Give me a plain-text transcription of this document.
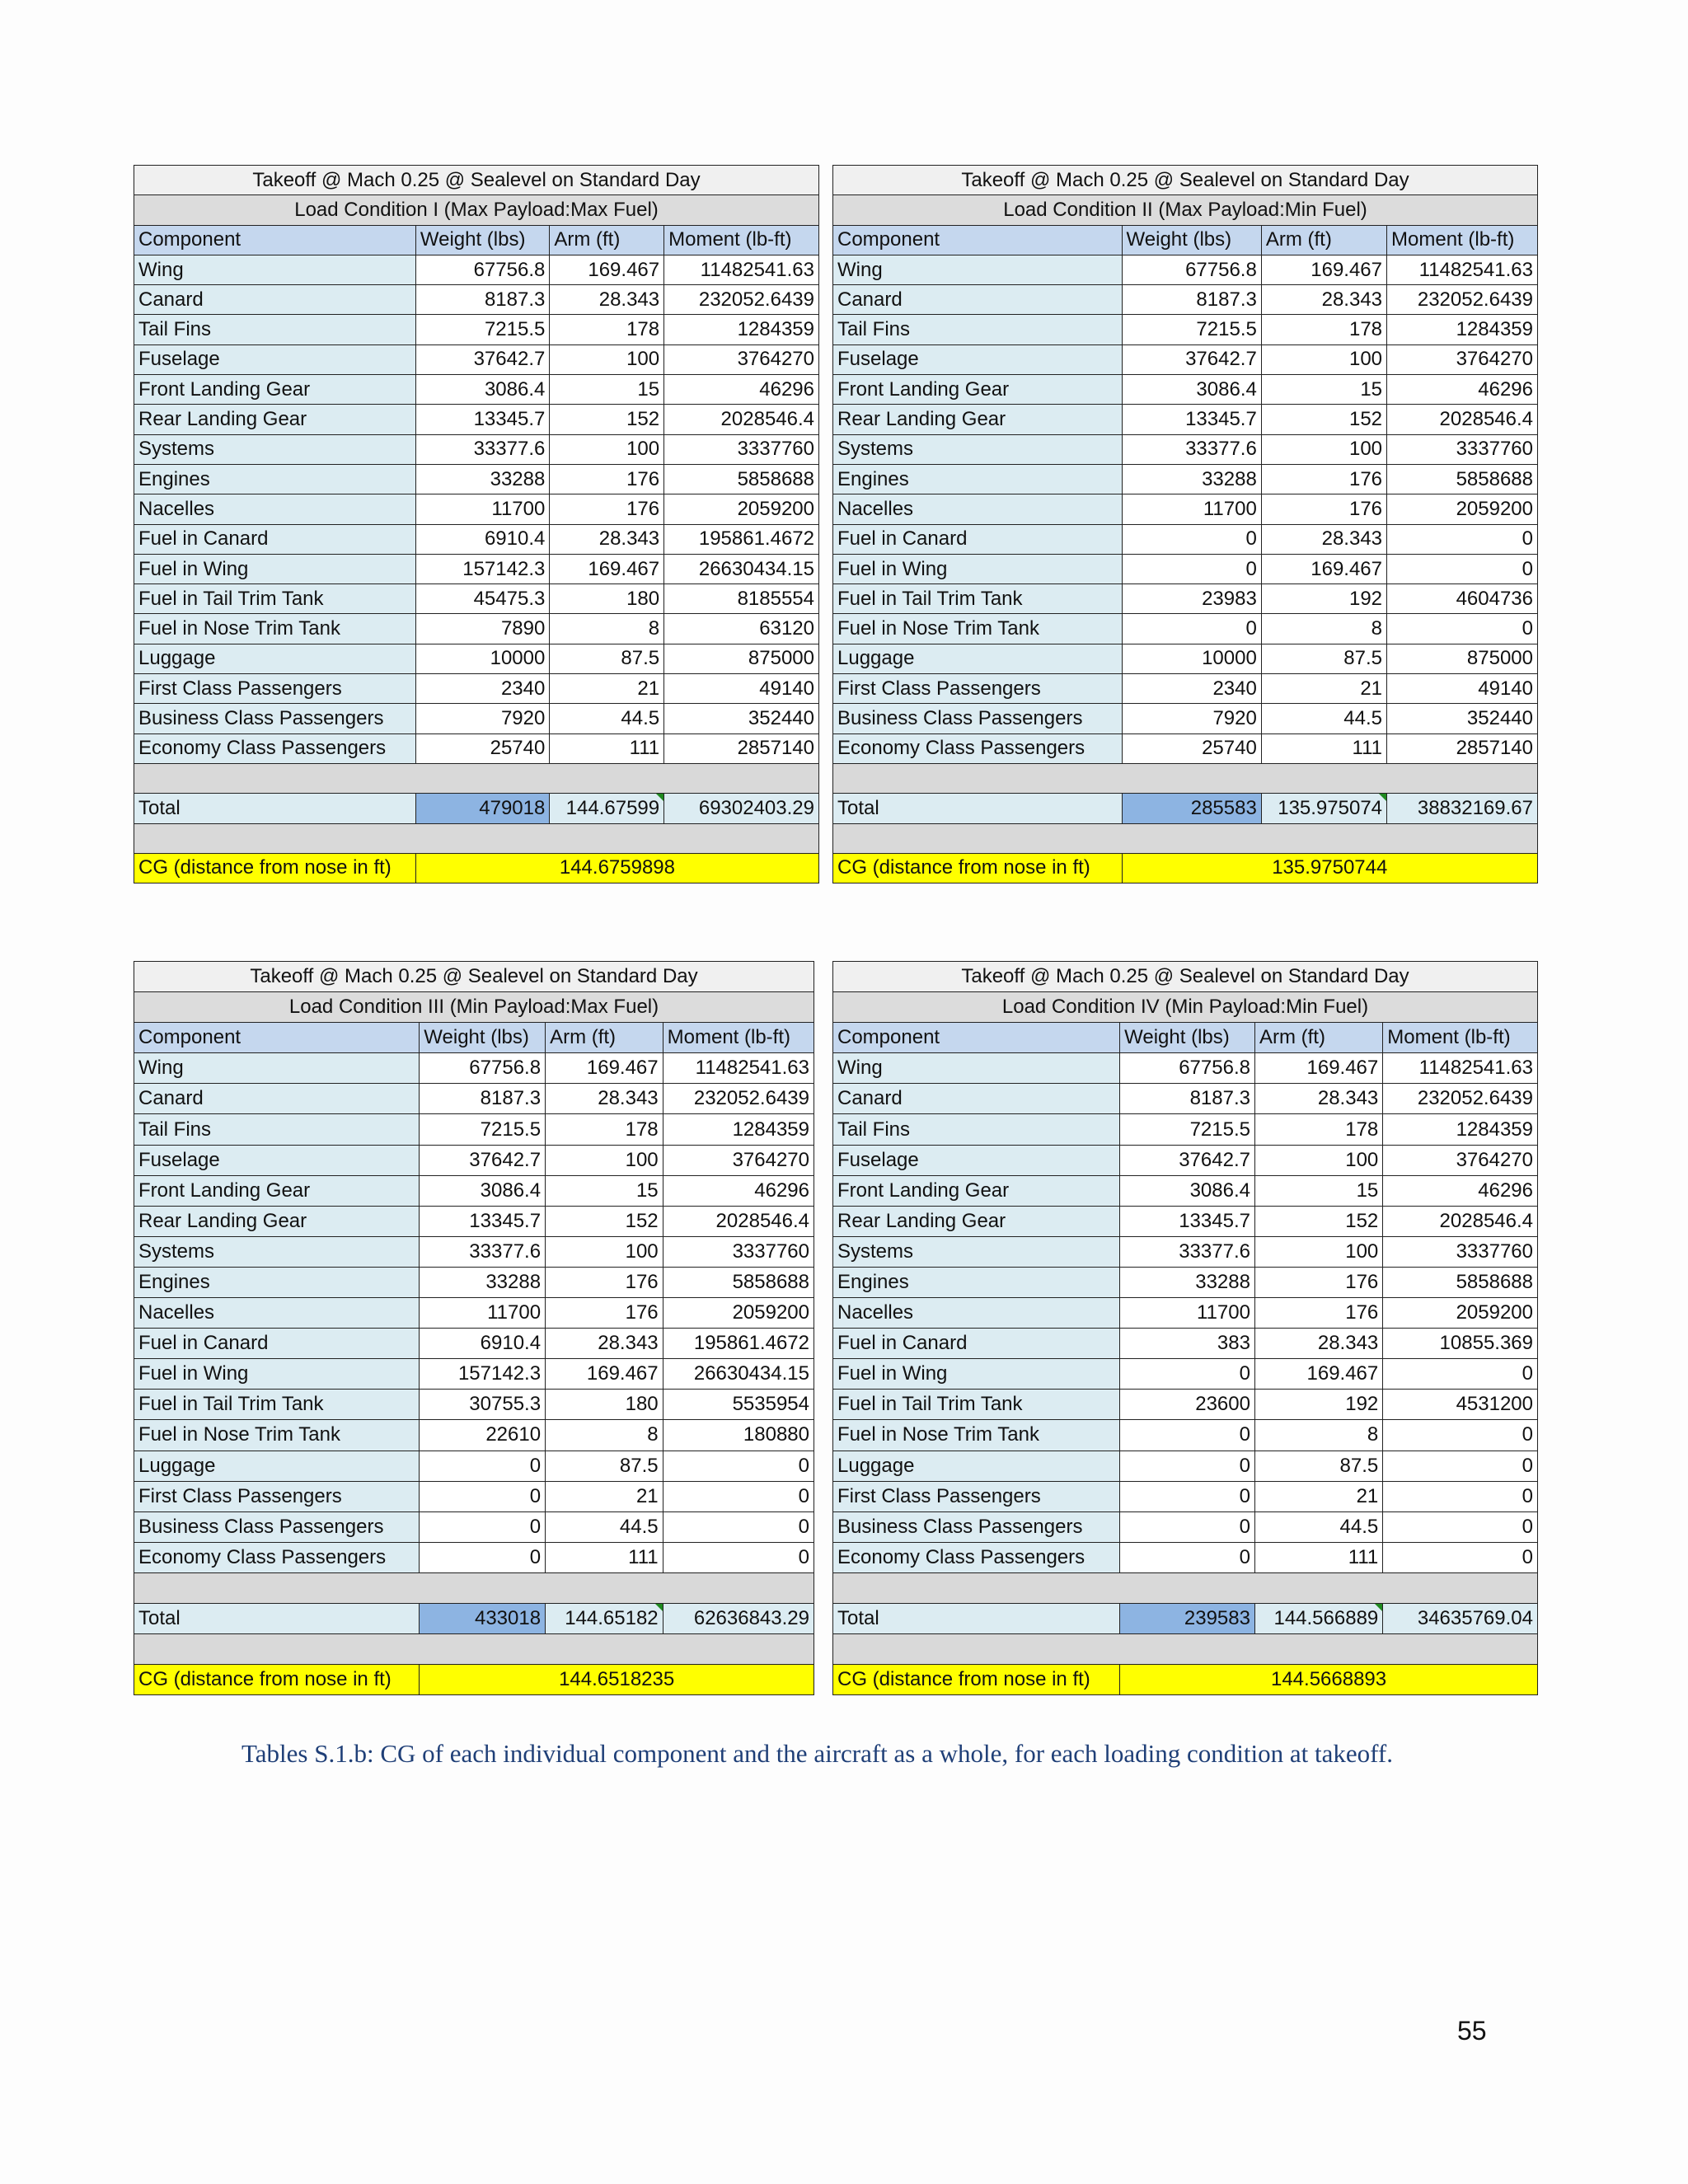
Takeoff @ Mach 0.25 @ Sealevel on Standard Day			
Load Condition I (Max Payload:Max Fuel)			
Component	Weight (lbs)	Arm (ft)	Moment (lb-ft)
Wing	67756.8	169.467	11482541.63
Canard	8187.3	28.343	232052.6439
Tail Fins	7215.5	178	1284359
Fuselage	37642.7	100	3764270
Front Landing Gear	3086.4	15	46296
Rear Landing Gear	13345.7	152	2028546.4
Systems	33377.6	100	3337760
Engines	33288	176	5858688
Nacelles	11700	176	2059200
Fuel in Canard	6910.4	28.343	195861.4672
Fuel in Wing	157142.3	169.467	26630434.15
Fuel in Tail Trim Tank	45475.3	180	8185554
Fuel in Nose Trim Tank	7890	8	63120
Luggage	10000	87.5	875000
First Class Passengers	2340	21	49140
Business Class Passengers	7920	44.5	352440
Economy Class Passengers	25740	111	2857140

Total	479018	144.67599	69302403.29

CG (distance from nose in ft)	144.6759898		
Takeoff @ Mach 0.25 @ Sealevel on Standard Day			
Load Condition II (Max Payload:Min Fuel)			
Component	Weight (lbs)	Arm (ft)	Moment (lb-ft)
Wing	67756.8	169.467	11482541.63
Canard	8187.3	28.343	232052.6439
Tail Fins	7215.5	178	1284359
Fuselage	37642.7	100	3764270
Front Landing Gear	3086.4	15	46296
Rear Landing Gear	13345.7	152	2028546.4
Systems	33377.6	100	3337760
Engines	33288	176	5858688
Nacelles	11700	176	2059200
Fuel in Canard	0	28.343	0
Fuel in Wing	0	169.467	0
Fuel in Tail Trim Tank	23983	192	4604736
Fuel in Nose Trim Tank	0	8	0
Luggage	10000	87.5	875000
First Class Passengers	2340	21	49140
Business Class Passengers	7920	44.5	352440
Economy Class Passengers	25740	111	2857140

Total	285583	135.975074	38832169.67

CG (distance from nose in ft)	135.9750744		
Takeoff @ Mach 0.25 @ Sealevel on Standard Day			
Load Condition III (Min Payload:Max Fuel)			
Component	Weight (lbs)	Arm (ft)	Moment (lb-ft)
Wing	67756.8	169.467	11482541.63
Canard	8187.3	28.343	232052.6439
Tail Fins	7215.5	178	1284359
Fuselage	37642.7	100	3764270
Front Landing Gear	3086.4	15	46296
Rear Landing Gear	13345.7	152	2028546.4
Systems	33377.6	100	3337760
Engines	33288	176	5858688
Nacelles	11700	176	2059200
Fuel in Canard	6910.4	28.343	195861.4672
Fuel in Wing	157142.3	169.467	26630434.15
Fuel in Tail Trim Tank	30755.3	180	5535954
Fuel in Nose Trim Tank	22610	8	180880
Luggage	0	87.5	0
First Class Passengers	0	21	0
Business Class Passengers	0	44.5	0
Economy Class Passengers	0	111	0

Total	433018	144.65182	62636843.29

CG (distance from nose in ft)	144.6518235		
Takeoff @ Mach 0.25 @ Sealevel on Standard Day			
Load Condition IV (Min Payload:Min Fuel)			
Component	Weight (lbs)	Arm (ft)	Moment (lb-ft)
Wing	67756.8	169.467	11482541.63
Canard	8187.3	28.343	232052.6439
Tail Fins	7215.5	178	1284359
Fuselage	37642.7	100	3764270
Front Landing Gear	3086.4	15	46296
Rear Landing Gear	13345.7	152	2028546.4
Systems	33377.6	100	3337760
Engines	33288	176	5858688
Nacelles	11700	176	2059200
Fuel in Canard	383	28.343	10855.369
Fuel in Wing	0	169.467	0
Fuel in Tail Trim Tank	23600	192	4531200
Fuel in Nose Trim Tank	0	8	0
Luggage	0	87.5	0
First Class Passengers	0	21	0
Business Class Passengers	0	44.5	0
Economy Class Passengers	0	111	0

Total	239583	144.566889	34635769.04

CG (distance from nose in ft)	144.5668893		
Tables S.1.b: CG of each individual component and the aircraft as a whole, for each loading condition at takeoff.
55
